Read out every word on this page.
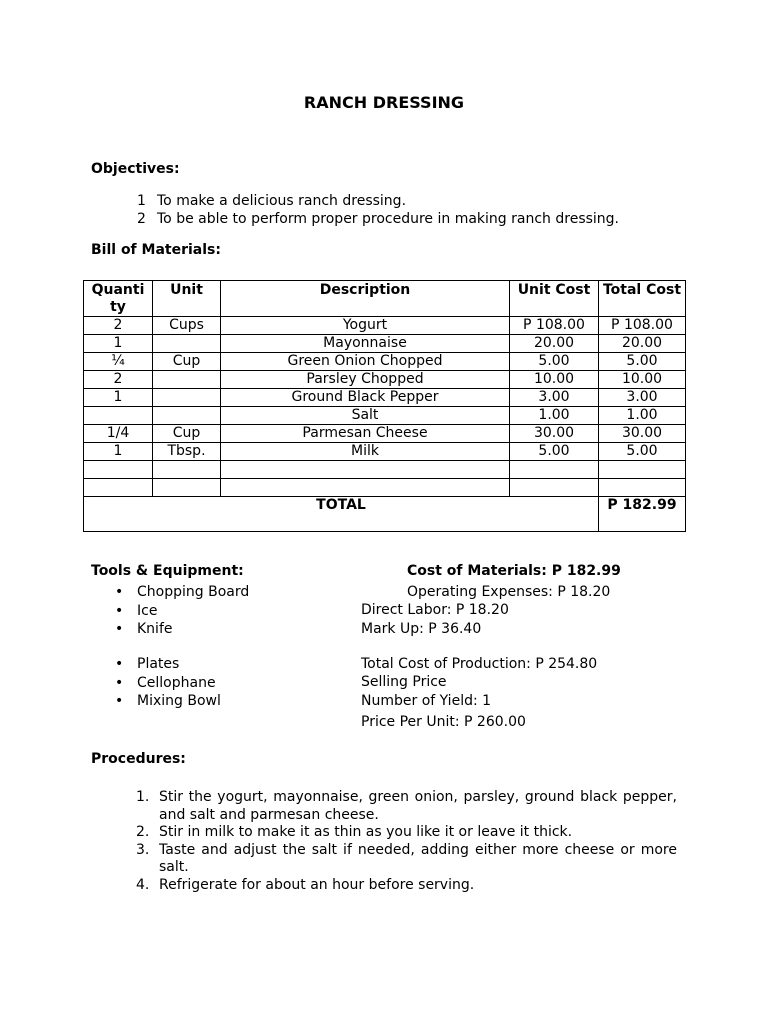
RANCH DRESSING
Objectives:
1 To make a delicious ranch dressing.
2 To be able to perform proper procedure in making ranch dressing.
Bill of Materials:
Quanti ty	Unit	Description	Unit Cost	Total Cost
2	Cups	Yogurt	P 108.00	P 108.00
1		Mayonnaise	20.00	20.00
¼	Cup	Green Onion Chopped	5.00	5.00
2		Parsley Chopped	10.00	10.00
1		Ground Black Pepper	3.00	3.00
		Salt	1.00	1.00
1/4	Cup	Parmesan Cheese	30.00	30.00
1	Tbsp.	Milk	5.00	5.00

TOTAL				P 182.99
Tools & Equipment:
• Chopping Board
• Ice
• Knife
• Plates
• Cellophane
• Mixing Bowl
Cost of Materials: P 182.99
Operating Expenses: P 18.20
Direct Labor: P 18.20
Mark Up: P 36.40
Total Cost of Production: P 254.80
Selling Price
Number of Yield: 1
Price Per Unit: P 260.00
Procedures:
1. Stir the yogurt, mayonnaise, green onion, parsley, ground black pepper, and salt and parmesan cheese.
2. Stir in milk to make it as thin as you like it or leave it thick.
3. Taste and adjust the salt if needed, adding either more cheese or more salt.
4. Refrigerate for about an hour before serving.
